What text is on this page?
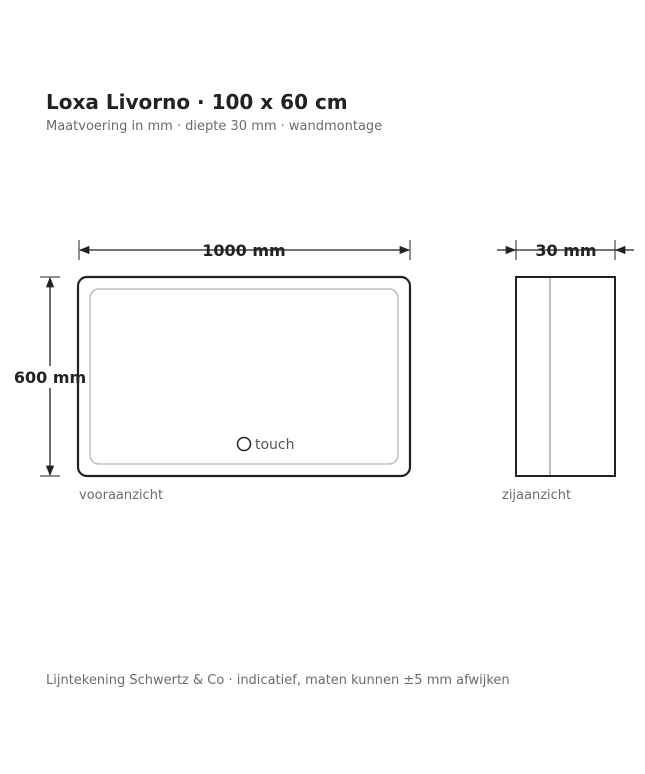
Loxa Livorno · 100 x 60 cm
Maatvoering in mm · diepte 30 mm · wandmontage
1000 mm
600 mm
touch
vooraanzicht
30 mm
zijaanzicht
Lijntekening Schwertz & Co · indicatief, maten kunnen ±5 mm afwijken
